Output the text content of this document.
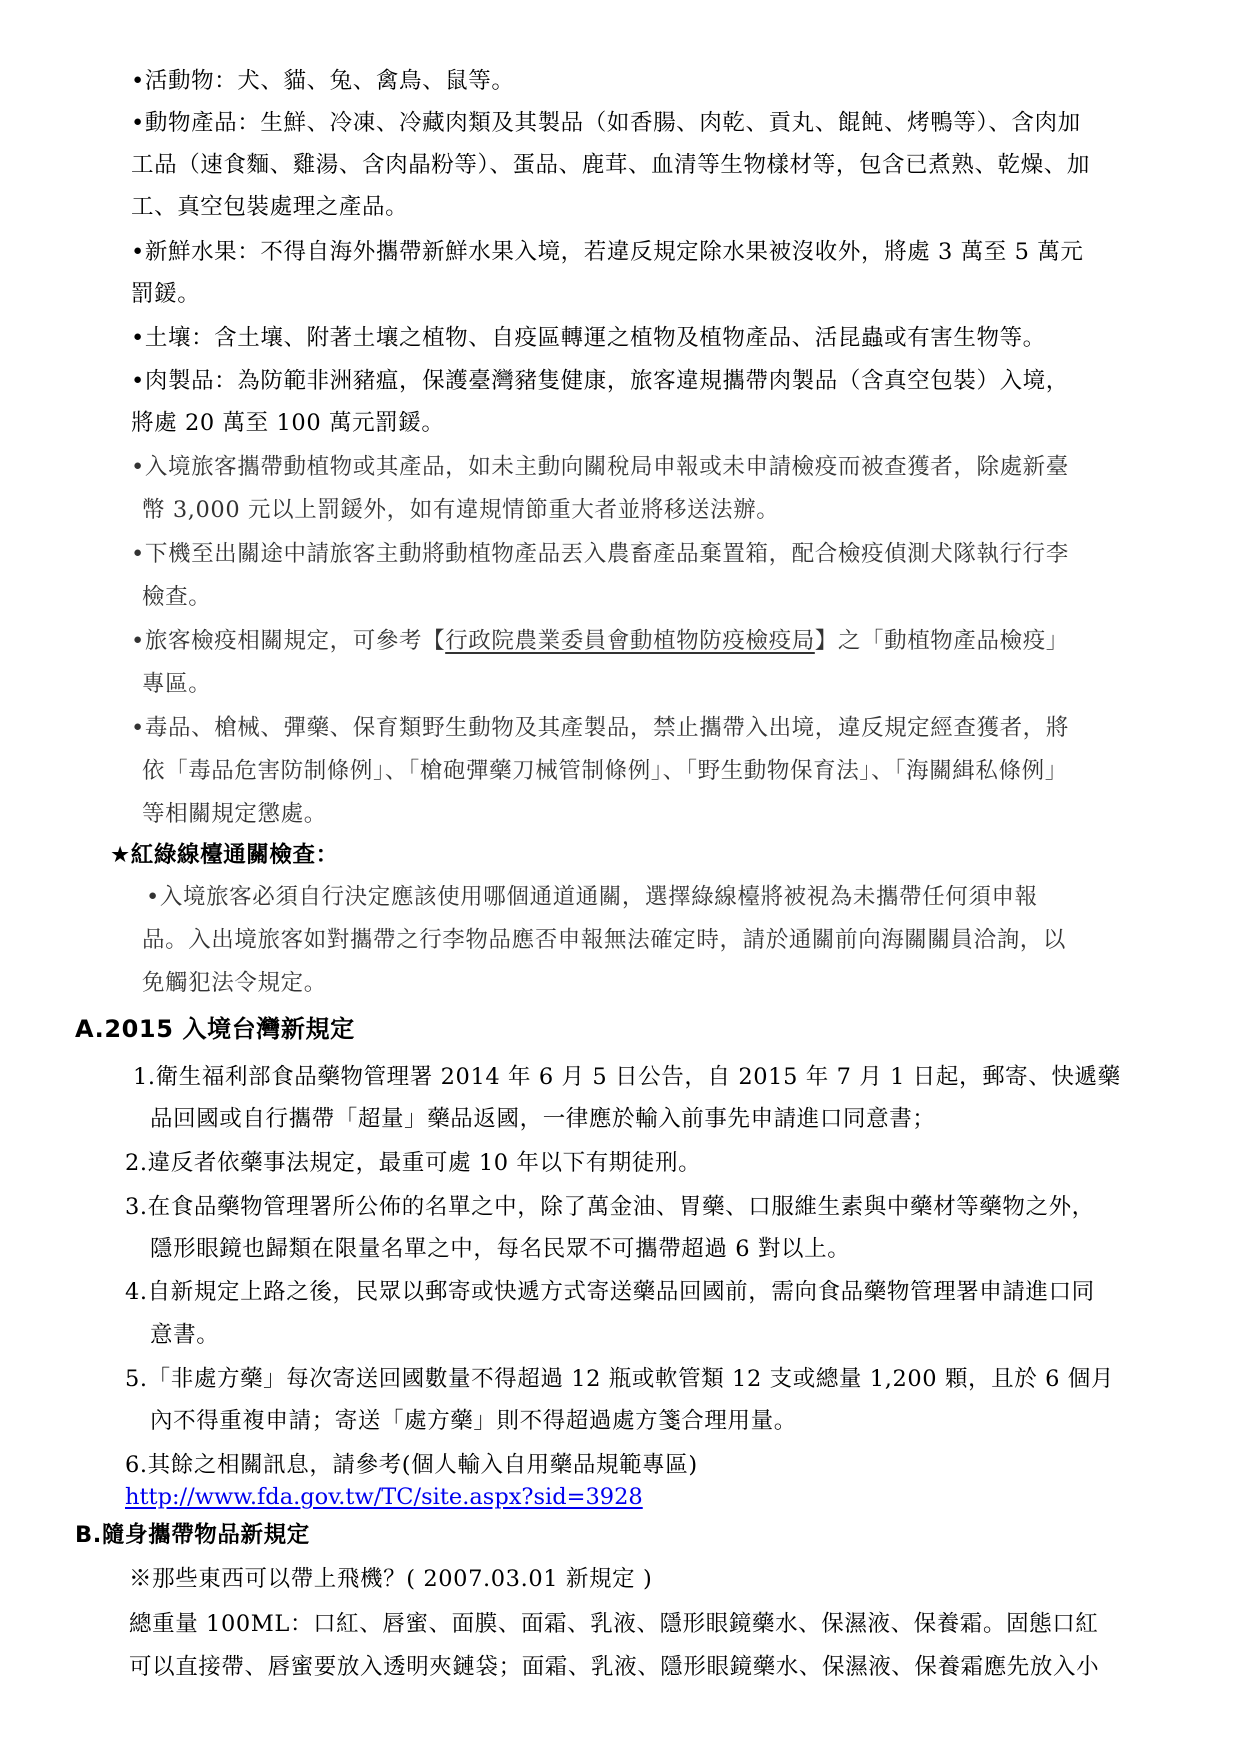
•活動物：犬、貓、兔、禽鳥、鼠等。
•動物產品：生鮮、冷凍、冷藏肉類及其製品（如香腸、肉乾、貢丸、餛飩、烤鴨等）、含肉加
工品（速食麵、雞湯、含肉晶粉等）、蛋品、鹿茸、血清等生物樣材等，包含已煮熟、乾燥、加
工、真空包裝處理之產品。
•新鮮水果：不得自海外攜帶新鮮水果入境，若違反規定除水果被沒收外，將處 3 萬至 5 萬元
罰鍰。
•土壤：含土壤、附著土壤之植物、自疫區轉運之植物及植物產品、活昆蟲或有害生物等。
•肉製品：為防範非洲豬瘟，保護臺灣豬隻健康，旅客違規攜帶肉製品（含真空包裝）入境，
將處 20 萬至 100 萬元罰鍰。
•入境旅客攜帶動植物或其產品，如未主動向關稅局申報或未申請檢疫而被查獲者，除處新臺
幣 3,000 元以上罰鍰外，如有違規情節重大者並將移送法辦。
•下機至出關途中請旅客主動將動植物產品丟入農畜產品棄置箱，配合檢疫偵測犬隊執行行李
檢查。
•旅客檢疫相關規定，可參考【行政院農業委員會動植物防疫檢疫局】之「動植物產品檢疫」
專區。
•毒品、槍械、彈藥、保育類野生動物及其產製品，禁止攜帶入出境，違反規定經查獲者，將
依「毒品危害防制條例」、「槍砲彈藥刀械管制條例」、「野生動物保育法」、「海關緝私條例」
等相關規定懲處。
★紅綠線檯通關檢查：
•入境旅客必須自行決定應該使用哪個通道通關，選擇綠線檯將被視為未攜帶任何須申報
品。入出境旅客如對攜帶之行李物品應否申報無法確定時，請於通關前向海關關員洽詢，以
免觸犯法令規定。
A.2015 入境台灣新規定
1.衛生福利部食品藥物管理署 2014 年 6 月 5 日公告，自 2015 年 7 月 1 日起，郵寄、快遞藥
品回國或自行攜帶「超量」藥品返國，一律應於輸入前事先申請進口同意書；
2.違反者依藥事法規定，最重可處 10 年以下有期徒刑。
3.在食品藥物管理署所公佈的名單之中，除了萬金油、胃藥、口服維生素與中藥材等藥物之外，
隱形眼鏡也歸類在限量名單之中，每名民眾不可攜帶超過 6 對以上。
4.自新規定上路之後，民眾以郵寄或快遞方式寄送藥品回國前，需向食品藥物管理署申請進口同
意書。
5.「非處方藥」每次寄送回國數量不得超過 12 瓶或軟管類 12 支或總量 1,200 顆，且於 6 個月
內不得重複申請；寄送「處方藥」則不得超過處方箋合理用量。
6.其餘之相關訊息，請參考(個人輸入自用藥品規範專區)
http://www.fda.gov.tw/TC/site.aspx?sid=3928
B.隨身攜帶物品新規定
※那些東西可以帶上飛機？( 2007.03.01 新規定 )
總重量 100ML：口紅、唇蜜、面膜、面霜、乳液、隱形眼鏡藥水、保濕液、保養霜。固態口紅
可以直接帶、唇蜜要放入透明夾鏈袋；面霜、乳液、隱形眼鏡藥水、保濕液、保養霜應先放入小
